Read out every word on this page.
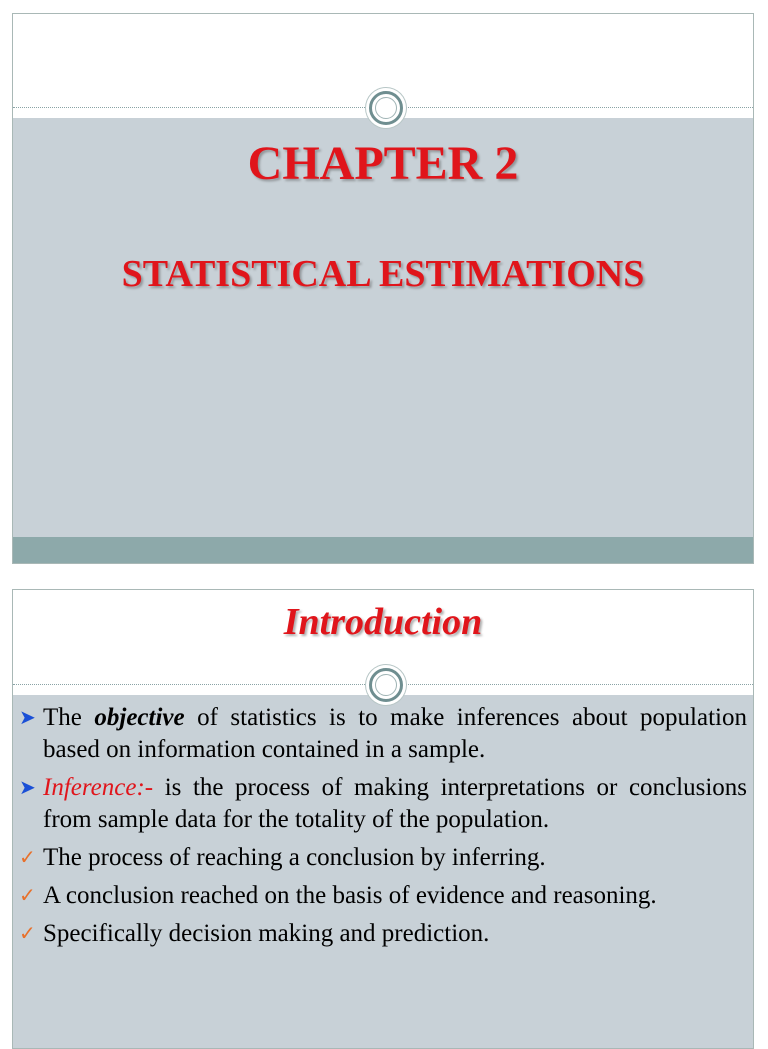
CHAPTER 2
STATISTICAL ESTIMATIONS
Introduction
➤ The objective of statistics is to make inferences about population based on information contained in a sample.
➤ Inference:- is the process of making interpretations or conclusions from sample data for the totality of the population.
✓ The process of reaching a conclusion by inferring.
✓ A conclusion reached on the basis of evidence and reasoning.
✓ Specifically decision making and prediction.
